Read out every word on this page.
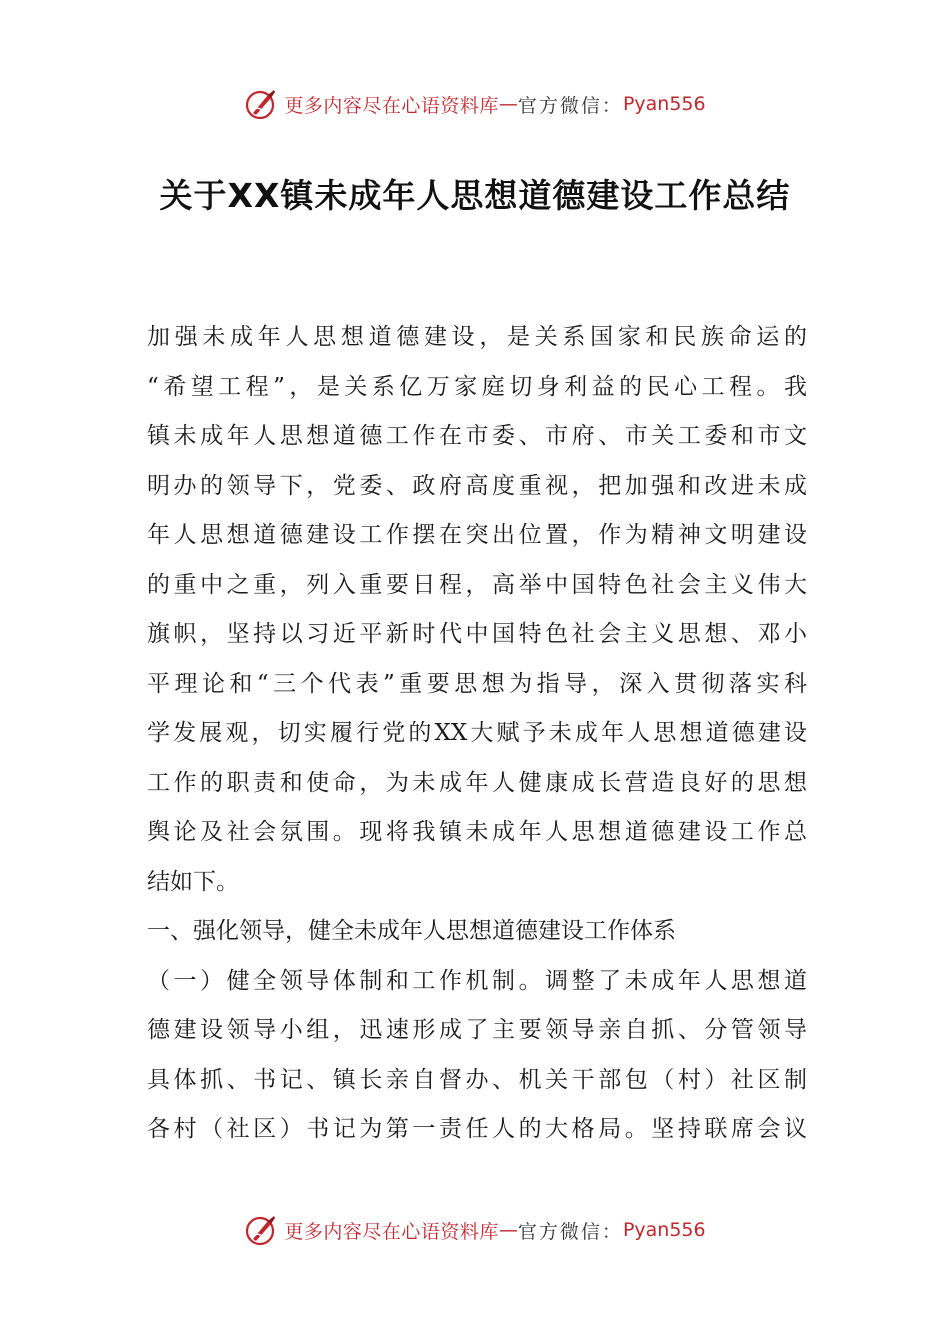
更多内容尽在心语资料库 — 官方微信： Pyan556
关于XX镇未成年人思想道德建设工作总结
加强未成年人思想道德建设，是关系国家和民族命运的
“希望工程”，是关系亿万家庭切身利益的民心工程。我
镇未成年人思想道德工作在市委、市府、市关工委和市文
明办的领导下，党委、政府高度重视，把加强和改进未成
年人思想道德建设工作摆在突出位置，作为精神文明建设
的重中之重，列入重要日程，高举中国特色社会主义伟大
旗帜，坚持以习近平新时代中国特色社会主义思想、邓小
平理论和“三个代表”重要思想为指导，深入贯彻落实科
学发展观，切实履行党的XX大赋予未成年人思想道德建设
工作的职责和使命，为未成年人健康成长营造良好的思想
舆论及社会氛围。现将我镇未成年人思想道德建设工作总
结如下。
一、强化领导，健全未成年人思想道德建设工作体系
（一）健全领导体制和工作机制。调整了未成年人思想道
德建设领导小组，迅速形成了主要领导亲自抓、分管领导
具体抓、书记、镇长亲自督办、机关干部包（村）社区制
各村（社区）书记为第一责任人的大格局。坚持联席会议
更多内容尽在心语资料库 — 官方微信： Pyan556
